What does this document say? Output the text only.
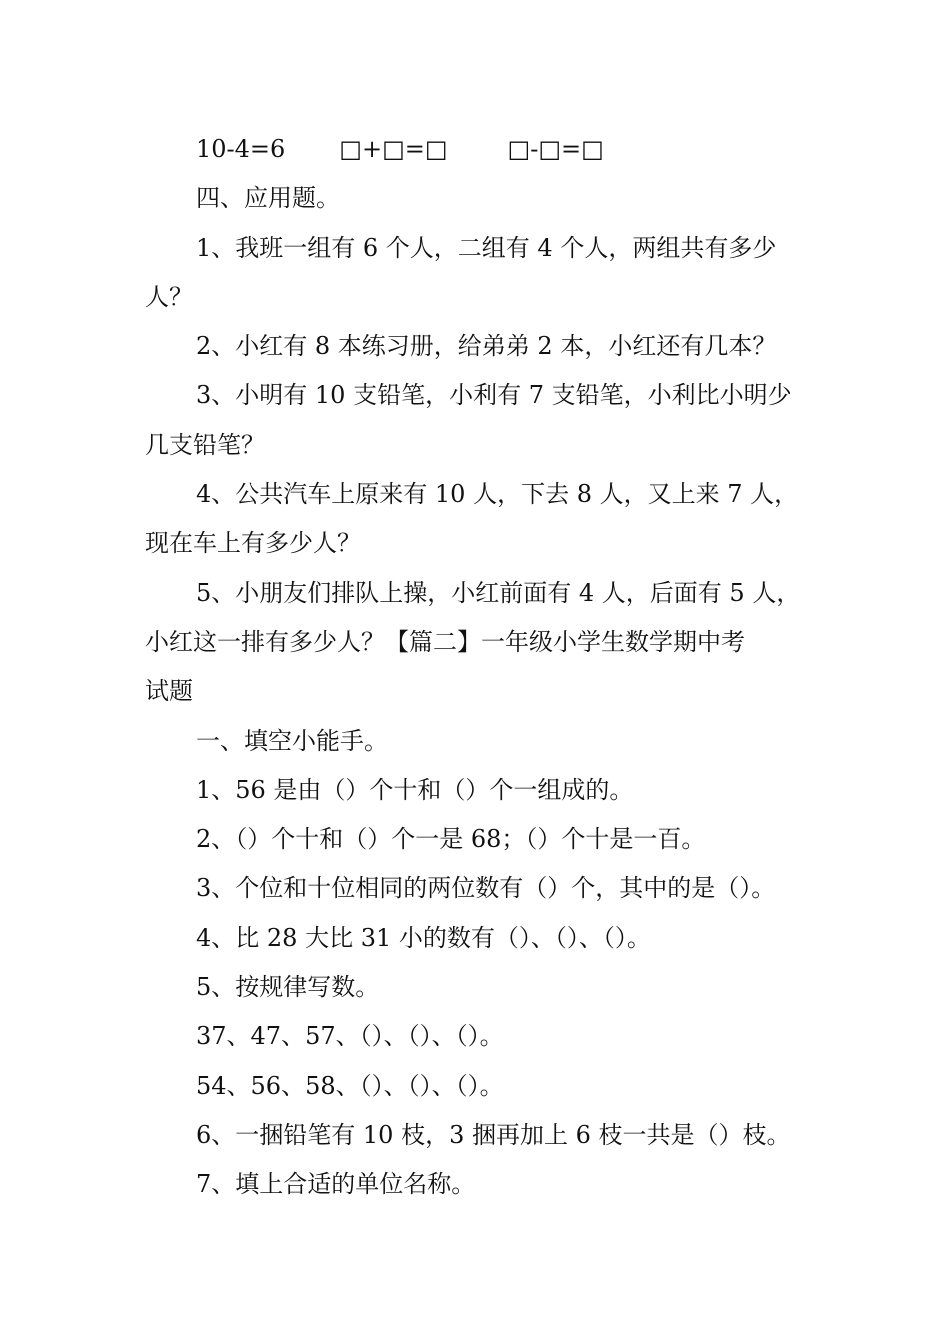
10-4=6 □+□=□	□-□=□

四、应用题。

1、我班一组有 6 个人，二组有 4 个人，两组共有多少

人？

2、小红有 8 本练习册，给弟弟 2 本，小红还有几本？

3、小明有 10 支铅笔，小利有 7 支铅笔，小利比小明少

几支铅笔？

4、公共汽车上原来有 10 人，下去 8 人，又上来 7 人，

现在车上有多少人？

5、小朋友们排队上操，小红前面有 4 人，后面有 5 人，

小红这一排有多少人？【篇二】一年级小学生数学期中考

试题

一、填空小能手。

1、56 是由（）个十和（）个一组成的。

2、（）个十和（）个一是 68；（）个十是一百。

3、个位和十位相同的两位数有（）个，其中的是（）。

4、比 28 大比 31 小的数有（）、（）、（）。

5、按规律写数。

37、47、57、（）、（）、（）。

54、56、58、（）、（）、（）。

6、一捆铅笔有 10 枝，3 捆再加上 6 枝一共是（）枝。

7、填上合适的单位名称。
